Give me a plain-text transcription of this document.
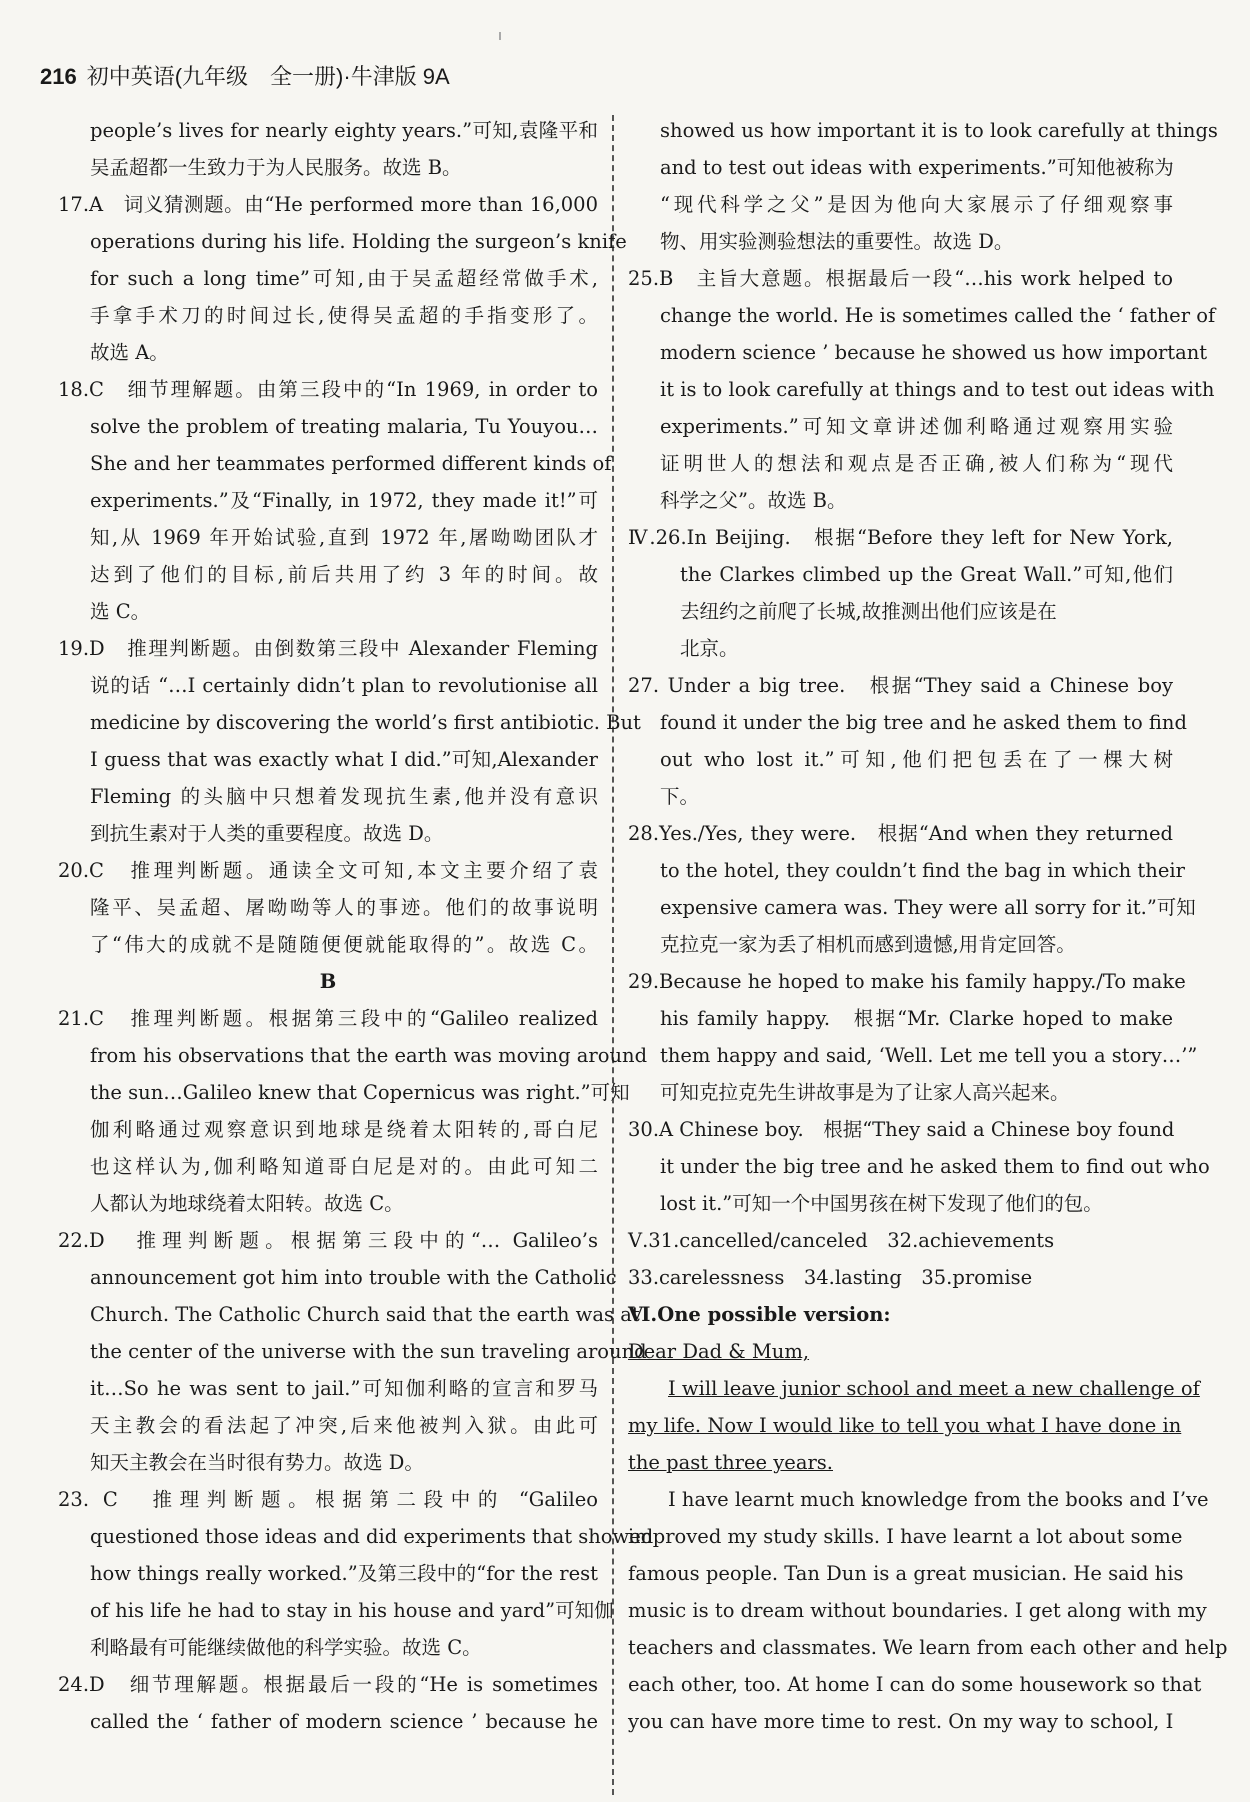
216 初中英语(九年级　全一册)·牛津版 9A
people’s lives for nearly eighty years.”可知,袁隆平和
吴孟超都一生致力于为人民服务。故选 B。
17.A　词义猜测题。由“He performed more than 16,000
operations during his life. Holding the surgeon’s knife
for such a long time”可知,由于吴孟超经常做手术,
手拿手术刀的时间过长,使得吴孟超的手指变形了。
故选 A。
18.C　细节理解题。由第三段中的“In 1969, in order to
solve the problem of treating malaria, Tu Youyou…
She and her teammates performed different kinds of
experiments.”及“Finally, in 1972, they made it!”可
知,从 1969 年开始试验,直到 1972 年,屠呦呦团队才
达到了他们的目标,前后共用了约 3 年的时间。故
选 C。
19.D　推理判断题。由倒数第三段中 Alexander Fleming
说的话 “…I certainly didn’t plan to revolutionise all
medicine by discovering the world’s first antibiotic. But
I guess that was exactly what I did.”可知,Alexander
Fleming 的头脑中只想着发现抗生素,他并没有意识
到抗生素对于人类的重要程度。故选 D。
20.C　推理判断题。通读全文可知,本文主要介绍了袁
隆平、吴孟超、屠呦呦等人的事迹。他们的故事说明
了“伟大的成就不是随随便便就能取得的”。故选 C。
B
21.C　推理判断题。根据第三段中的“Galileo realized
from his observations that the earth was moving around
the sun…Galileo knew that Copernicus was right.”可知
伽利略通过观察意识到地球是绕着太阳转的,哥白尼
也这样认为,伽利略知道哥白尼是对的。由此可知二
人都认为地球绕着太阳转。故选 C。
22.D　推理判断题。根据第三段中的“… Galileo’s
announcement got him into trouble with the Catholic
Church. The Catholic Church said that the earth was at
the center of the universe with the sun traveling around
it…So he was sent to jail.”可知伽利略的宣言和罗马
天主教会的看法起了冲突,后来他被判入狱。由此可
知天主教会在当时很有势力。故选 D。
23. C　推理判断题。根据第二段中的 “Galileo
questioned those ideas and did experiments that showed
how things really worked.”及第三段中的“for the rest
of his life he had to stay in his house and yard”可知伽
利略最有可能继续做他的科学实验。故选 C。
24.D　细节理解题。根据最后一段的“He is sometimes
called the ‘ father of modern science ’ because he
showed us how important it is to look carefully at things
and to test out ideas with experiments.”可知他被称为
“现代科学之父”是因为他向大家展示了仔细观察事
物、用实验测验想法的重要性。故选 D。
25.B　主旨大意题。根据最后一段“…his work helped to
change the world. He is sometimes called the ‘ father of
modern science ’ because he showed us how important
it is to look carefully at things and to test out ideas with
experiments.”可知文章讲述伽利略通过观察用实验
证明世人的想法和观点是否正确,被人们称为“现代
科学之父”。故选 B。
Ⅳ.26.In Beijing.　根据“Before they left for New York,
the Clarkes climbed up the Great Wall.”可知,他们
去纽约之前爬了长城,故推测出他们应该是在
北京。
27. Under a big tree.　根据“They said a Chinese boy
found it under the big tree and he asked them to find
out who lost it.”可知,他们把包丢在了一棵大树
下。
28.Yes./Yes, they were.　根据“And when they returned
to the hotel, they couldn’t find the bag in which their
expensive camera was. They were all sorry for it.”可知
克拉克一家为丢了相机而感到遗憾,用肯定回答。
29.Because he hoped to make his family happy./To make
his family happy.　根据“Mr. Clarke hoped to make
them happy and said, ‘Well. Let me tell you a story…’”
可知克拉克先生讲故事是为了让家人高兴起来。
30.A Chinese boy.　根据“They said a Chinese boy found
it under the big tree and he asked them to find out who
lost it.”可知一个中国男孩在树下发现了他们的包。
Ⅴ.31.cancelled/canceled　32.achievements
33.carelessness　34.lasting　35.promise
Ⅵ.One possible version:
Dear Dad & Mum,
I will leave junior school and meet a new challenge of
my life. Now I would like to tell you what I have done in
the past three years.
I have learnt much knowledge from the books and I’ve
improved my study skills. I have learnt a lot about some
famous people. Tan Dun is a great musician. He said his
music is to dream without boundaries. I get along with my
teachers and classmates. We learn from each other and help
each other, too. At home I can do some housework so that
you can have more time to rest. On my way to school, I
